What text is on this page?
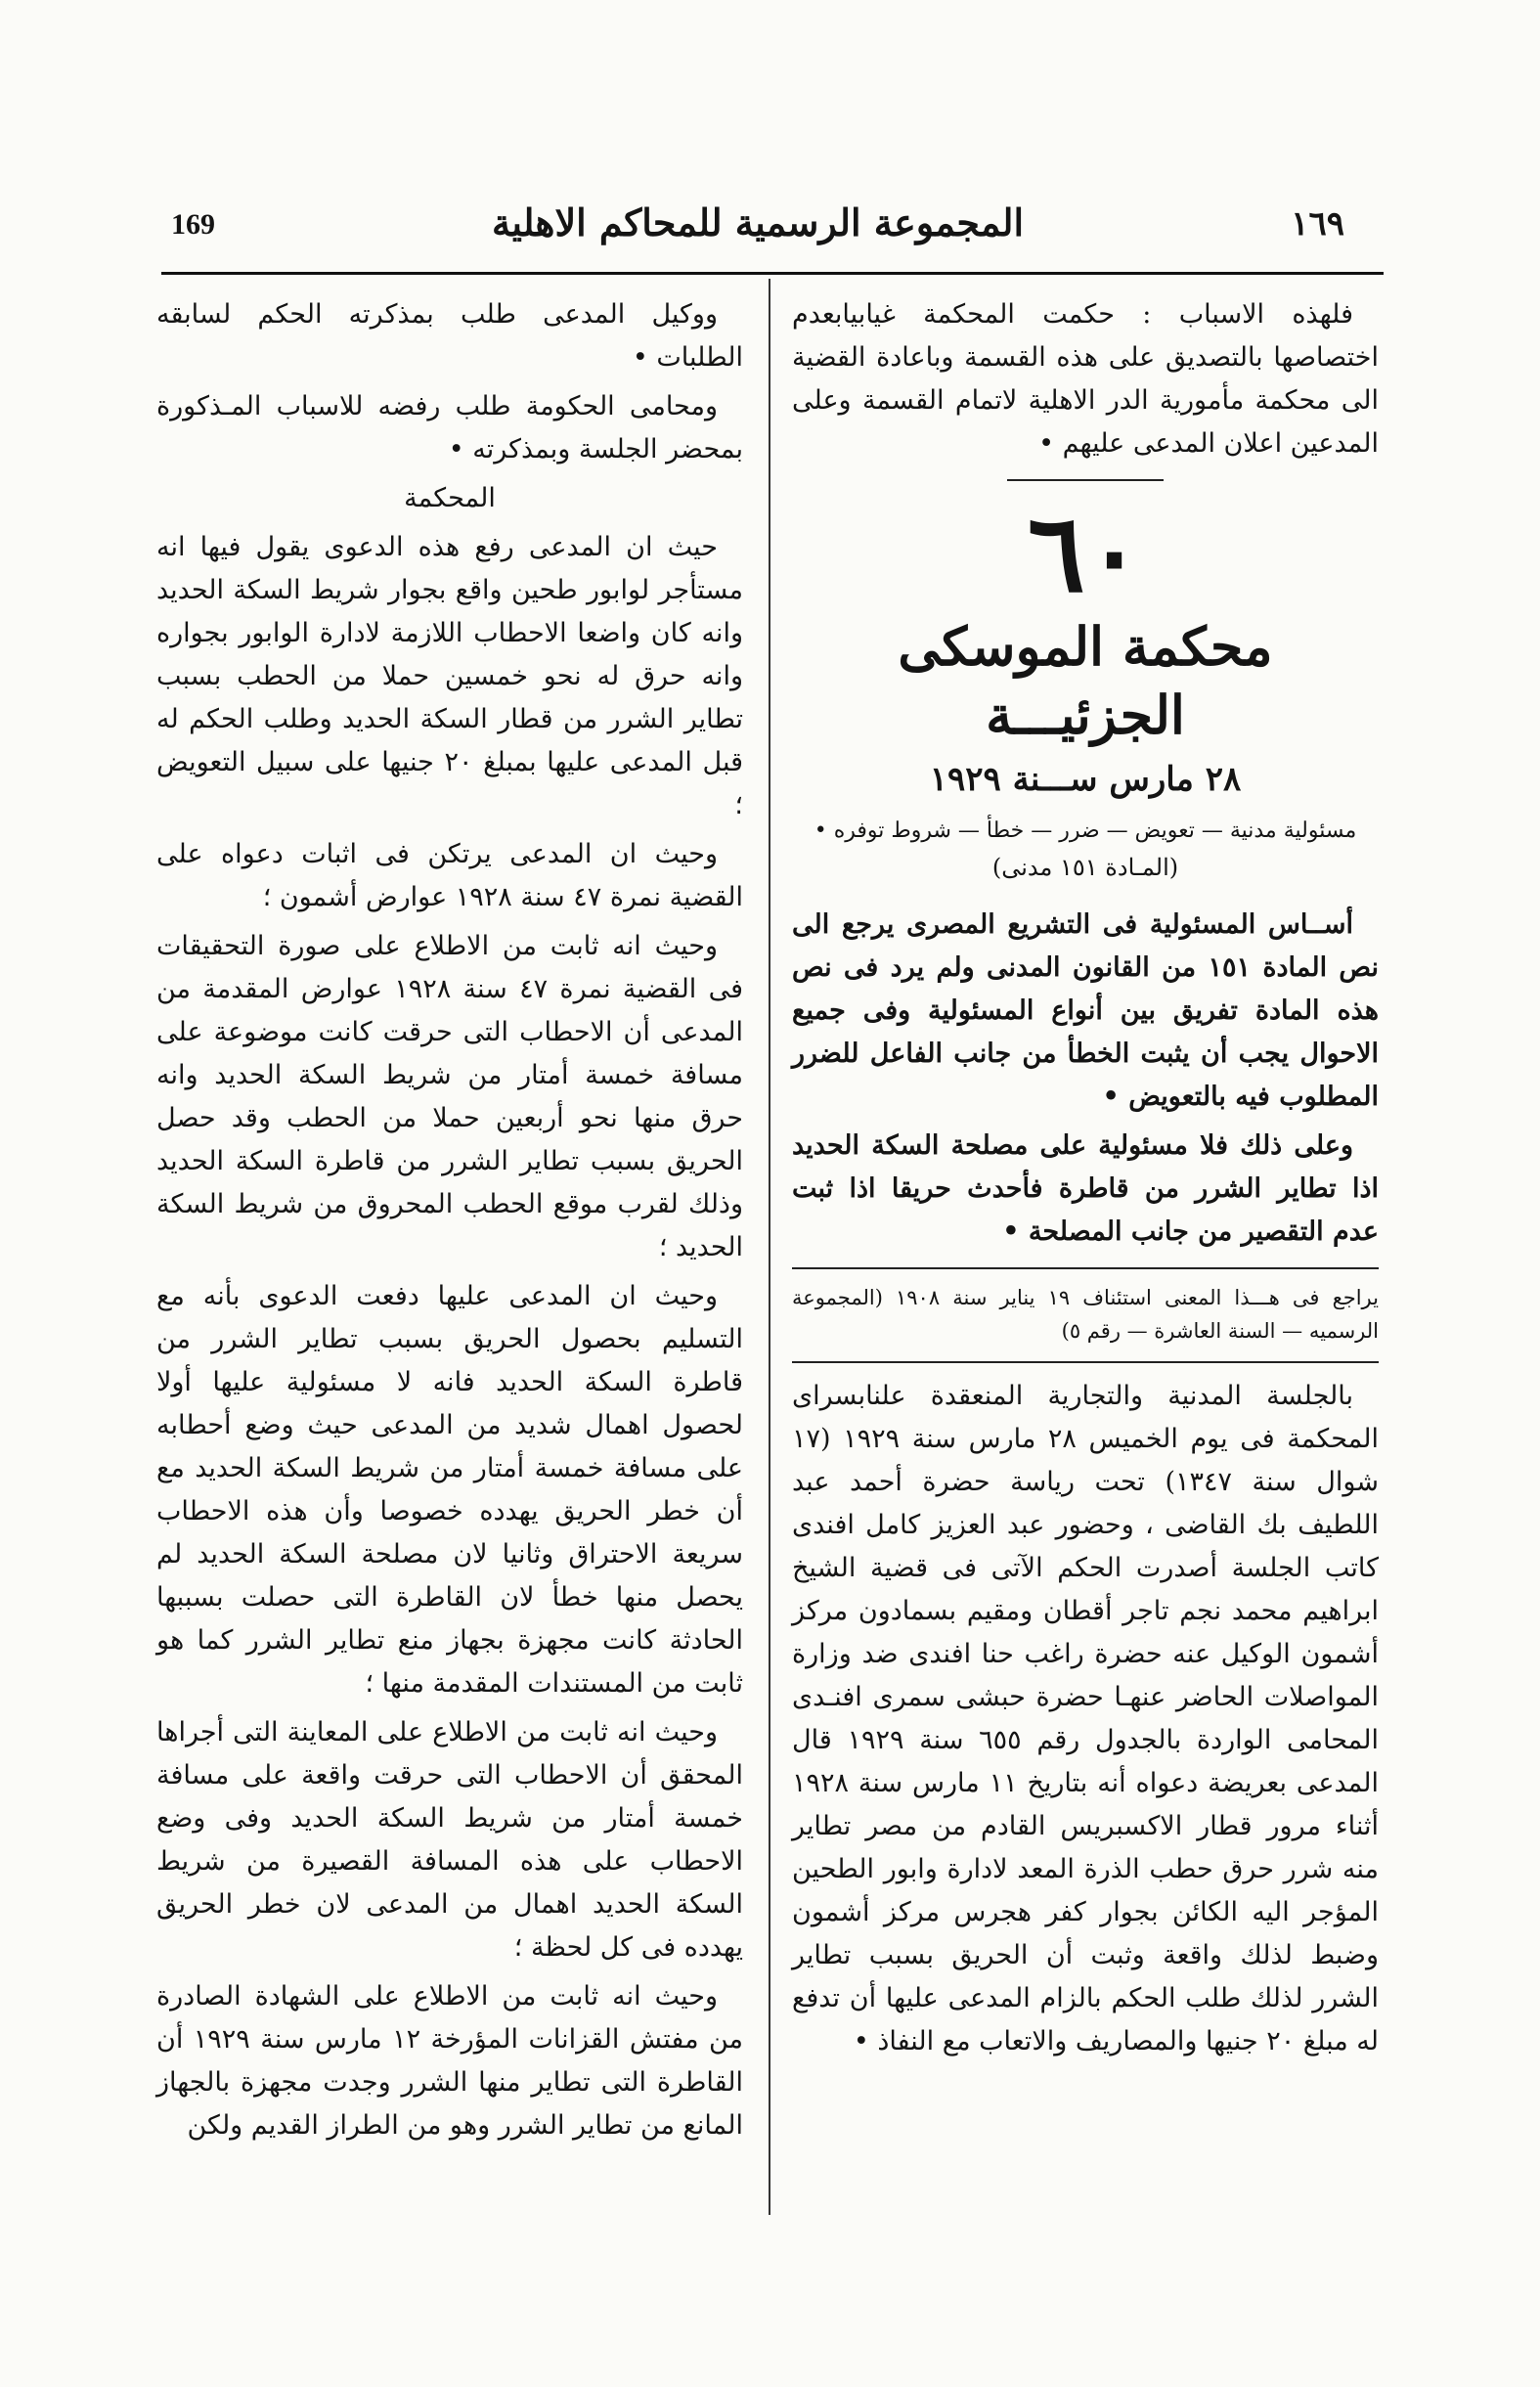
169	المجموعة الرسمية للمحاكم الاهلية	١٦٩

فلهذه الاسباب : حكمت المحكمة غيابيابعدم اختصاصها بالتصديق على هذه القسمة وباعادة القضية الى محكمة مأمورية الدر الاهلية لاتمام القسمة وعلى المدعين اعلان المدعى عليهم •

٦٠
محكمة الموسكى الجزئيـــة
٢٨ مارس ســـنة ١٩٢٩
مسئولية مدنية — تعويض — ضرر — خطأ — شروط توفره •
(المـادة ١٥١ مدنى)

أســاس المسئولية فى التشريع المصرى يرجع الى نص المادة ١٥١ من القانون المدنى ولم يرد فى نص هذه المادة تفريق بين أنواع المسئولية وفى جميع الاحوال يجب أن يثبت الخطأ من جانب الفاعل للضرر المطلوب فيه بالتعويض •

وعلى ذلك فلا مسئولية على مصلحة السكة الحديد اذا تطاير الشرر من قاطرة فأحدث حريقا اذا ثبت عدم التقصير من جانب المصلحة •

يراجع فى هـــذا المعنى استئناف ١٩ يناير سنة ١٩٠٨ (المجموعة الرسميه — السنة العاشرة — رقم ٥)

بالجلسة المدنية والتجارية المنعقدة علنابسراى المحكمة فى يوم الخميس ٢٨ مارس سنة ١٩٢٩ (١٧ شوال سنة ١٣٤٧) تحت رياسة حضرة أحمد عبد اللطيف بك القاضى ، وحضور عبد العزيز كامل افندى كاتب الجلسة أصدرت الحكم الآتى فى قضية الشيخ ابراهيم محمد نجم تاجر أقطان ومقيم بسمادون مركز أشمون الوكيل عنه حضرة راغب حنا افندى ضد وزارة المواصلات الحاضر عنهـا حضرة حبشى سمرى افنـدى المحامى الواردة بالجدول رقم ٦٥٥ سنة ١٩٢٩ قال المدعى بعريضة دعواه أنه بتاريخ ١١ مارس سنة ١٩٢٨ أثناء مرور قطار الاكسبريس القادم من مصر تطاير منه شرر حرق حطب الذرة المعد لادارة وابور الطحين المؤجر اليه الكائن بجوار كفر هجرس مركز أشمون وضبط لذلك واقعة وثبت أن الحريق بسبب تطاير الشرر لذلك طلب الحكم بالزام المدعى عليها أن تدفع له مبلغ ٢٠ جنيها والمصاريف والاتعاب مع النفاذ •

ووكيل المدعى طلب بمذكرته الحكم لسابقه الطلبات •

ومحامى الحكومة طلب رفضه للاسباب المـذكورة بمحضر الجلسة وبمذكرته •

المحكمة

حيث ان المدعى رفع هذه الدعوى يقول فيها انه مستأجر لوابور طحين واقع بجوار شريط السكة الحديد وانه كان واضعا الاحطاب اللازمة لادارة الوابور بجواره وانه حرق له نحو خمسين حملا من الحطب بسبب تطاير الشرر من قطار السكة الحديد وطلب الحكم له قبل المدعى عليها بمبلغ ٢٠ جنيها على سبيل التعويض ؛

وحيث ان المدعى يرتكن فى اثبات دعواه على القضية نمرة ٤٧ سنة ١٩٢٨ عوارض أشمون ؛

وحيث انه ثابت من الاطلاع على صورة التحقيقات فى القضية نمرة ٤٧ سنة ١٩٢٨ عوارض المقدمة من المدعى أن الاحطاب التى حرقت كانت موضوعة على مسافة خمسة أمتار من شريط السكة الحديد وانه حرق منها نحو أربعين حملا من الحطب وقد حصل الحريق بسبب تطاير الشرر من قاطرة السكة الحديد وذلك لقرب موقع الحطب المحروق من شريط السكة الحديد ؛

وحيث ان المدعى عليها دفعت الدعوى بأنه مع التسليم بحصول الحريق بسبب تطاير الشرر من قاطرة السكة الحديد فانه لا مسئولية عليها أولا لحصول اهمال شديد من المدعى حيث وضع أحطابه على مسافة خمسة أمتار من شريط السكة الحديد مع أن خطر الحريق يهدده خصوصا وأن هذه الاحطاب سريعة الاحتراق وثانيا لان مصلحة السكة الحديد لم يحصل منها خطأ لان القاطرة التى حصلت بسببها الحادثة كانت مجهزة بجهاز منع تطاير الشرر كما هو ثابت من المستندات المقدمة منها ؛

وحيث انه ثابت من الاطلاع على المعاينة التى أجراها المحقق أن الاحطاب التى حرقت واقعة على مسافة خمسة أمتار من شريط السكة الحديد وفى وضع الاحطاب على هذه المسافة القصيرة من شريط السكة الحديد اهمال من المدعى لان خطر الحريق يهدده فى كل لحظة ؛

وحيث انه ثابت من الاطلاع على الشهادة الصادرة من مفتش القزانات المؤرخة ١٢ مارس سنة ١٩٢٩ أن القاطرة التى تطاير منها الشرر وجدت مجهزة بالجهاز المانع من تطاير الشرر وهو من الطراز القديم ولكن
